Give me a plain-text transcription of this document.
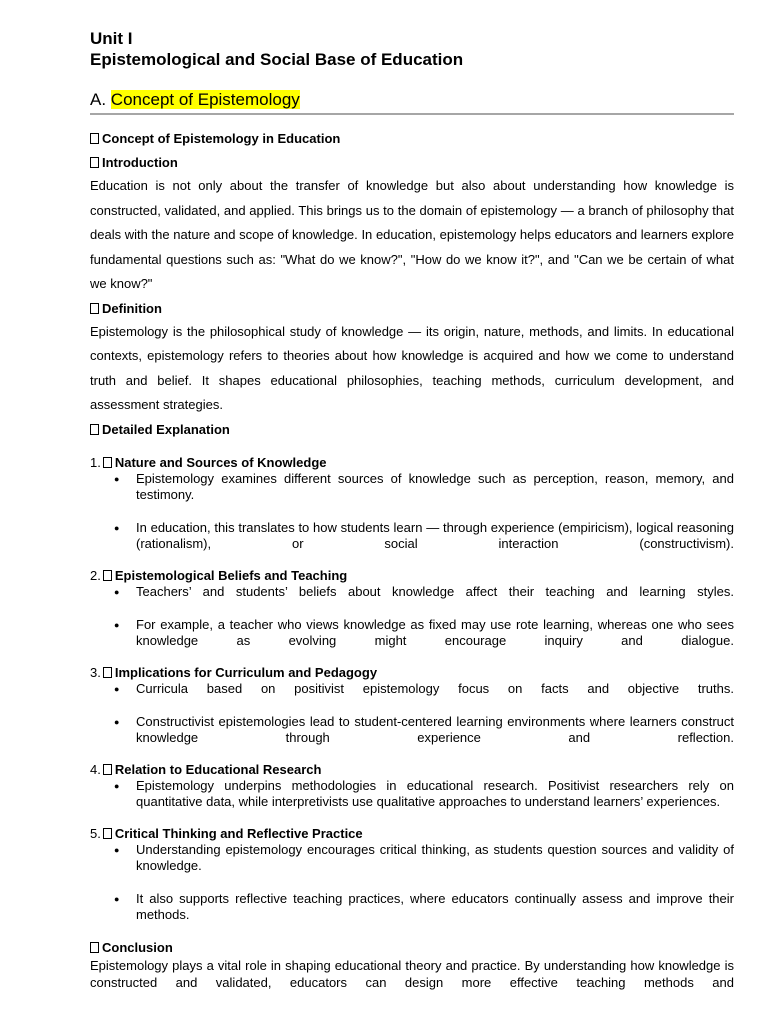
Unit I
Epistemological and Social Base of Education
A. Concept of Epistemology
Concept of Epistemology in Education
Introduction

Education is not only about the transfer of knowledge but also about understanding how knowledge is constructed, validated, and applied. This brings us to the domain of epistemology — a branch of philosophy that deals with the nature and scope of knowledge. In education, epistemology helps educators and learners explore fundamental questions such as: "What do we know?", "How do we know it?", and "Can we be certain of what we know?"

Definition

Epistemology is the philosophical study of knowledge — its origin, nature, methods, and limits. In educational contexts, epistemology refers to theories about how knowledge is acquired and how we come to understand truth and belief. It shapes educational philosophies, teaching methods, curriculum development, and assessment strategies.

Detailed Explanation
1. Nature and Sources of Knowledge
● Epistemology examines different sources of knowledge such as perception, reason, memory, and testimony.
● In education, this translates to how students learn — through experience (empiricism), logical reasoning (rationalism), or social interaction (constructivism).
2. Epistemological Beliefs and Teaching
● Teachers’ and students’ beliefs about knowledge affect their teaching and learning styles.
● For example, a teacher who views knowledge as fixed may use rote learning, whereas one who sees knowledge as evolving might encourage inquiry and dialogue.
3. Implications for Curriculum and Pedagogy
● Curricula based on positivist epistemology focus on facts and objective truths.
● Constructivist epistemologies lead to student-centered learning environments where learners construct knowledge through experience and reflection.
4. Relation to Educational Research
● Epistemology underpins methodologies in educational research. Positivist researchers rely on quantitative data, while interpretivists use qualitative approaches to understand learners’ experiences.
5. Critical Thinking and Reflective Practice
● Understanding epistemology encourages critical thinking, as students question sources and validity of knowledge.
● It also supports reflective teaching practices, where educators continually assess and improve their methods.
Conclusion

Epistemology plays a vital role in shaping educational theory and practice. By understanding how knowledge is constructed and validated, educators can design more effective teaching methods and
